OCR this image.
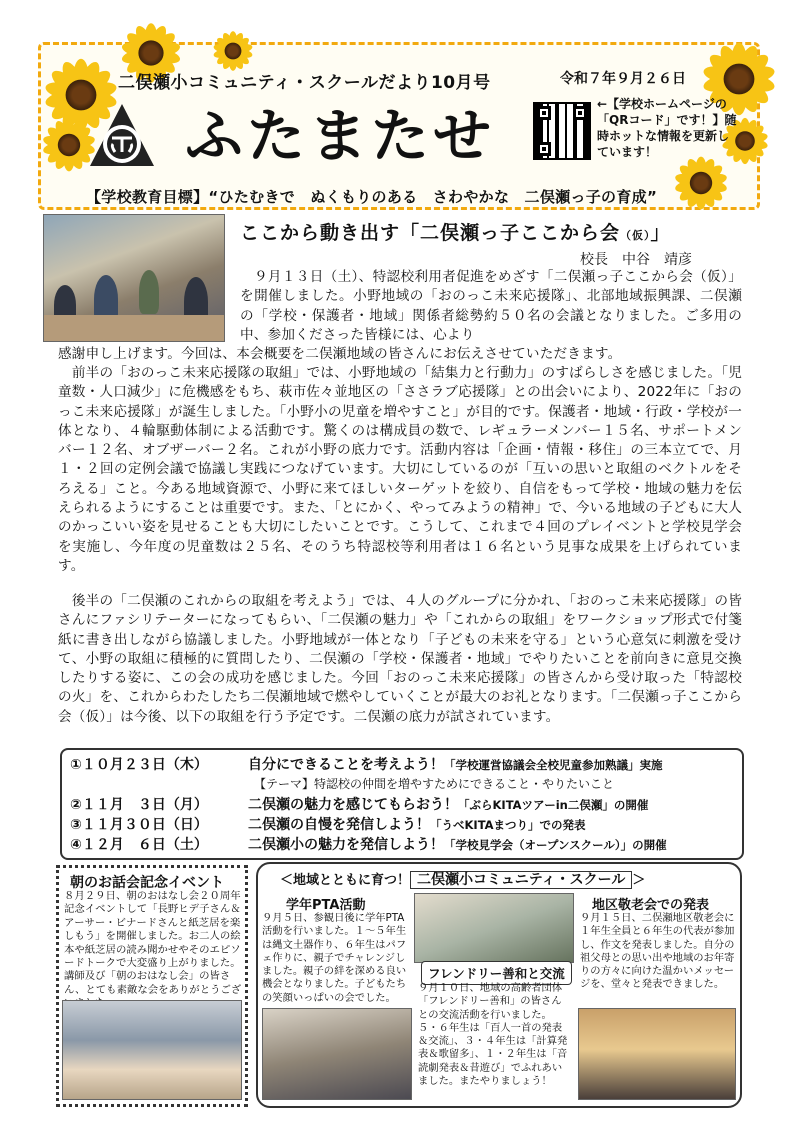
二俣瀬小コミュニティ・スクールだより10月号	令和７年９月２６日
ふたまたせ	←【学校ホームページの「QRコード」です！】随時ホットな情報を更新しています！
【学校教育目標】“ひたむきで　ぬくもりのある　さわやかな　二俣瀬っ子の育成”
ここから動き出す「二俣瀬っ子ここから会（仮）」
校長　中谷　靖彦
　９月１３日（土）、特認校利用者促進をめざす「二俣瀬っ子ここから会（仮）」を開催しました。小野地域の「おのっこ未来応援隊」、北部地域振興課、二俣瀬の「学校・保護者・地域」関係者総勢約５０名の会議となりました。ご多用の中、参加くださった皆様には、心より
感謝申し上げます。今回は、本会概要を二俣瀬地域の皆さんにお伝えさせていただきます。
　前半の「おのっこ未来応援隊の取組」では、小野地域の「結集力と行動力」のすばらしさを感じました。「児童数・人口減少」に危機感をもち、萩市佐々並地区の「ささラブ応援隊」との出会いにより、2022年に「おのっこ未来応援隊」が誕生しました。「小野小の児童を増やすこと」が目的です。保護者・地域・行政・学校が一体となり、４輪駆動体制による活動です。驚くのは構成員の数で、レギュラーメンバー１５名、サポートメンバー１２名、オブザーバー２名。これが小野の底力です。活動内容は「企画・情報・移住」の三本立てで、月１・２回の定例会議で協議し実践につなげています。大切にしているのが「互いの思いと取組のベクトルをそろえる」こと。今ある地域資源で、小野に来てほしいターゲットを絞り、自信をもって学校・地域の魅力を伝えられるようにすることは重要です。また、「とにかく、やってみようの精神」で、今いる地域の子どもに大人のかっこいい姿を見せることも大切にしたいことです。こうして、これまで４回のプレイベントと学校見学会を実施し、今年度の児童数は２５名、そのうち特認校等利用者は１６名という見事な成果を上げられています。
　後半の「二俣瀬のこれからの取組を考えよう」では、４人のグループに分かれ、「おのっこ未来応援隊」の皆さんにファシリテーターになってもらい、「二俣瀬の魅力」や「これからの取組」をワークショップ形式で付箋紙に書き出しながら協議しました。小野地域が一体となり「子どもの未来を守る」という心意気に刺激を受けて、小野の取組に積極的に質問したり、二俣瀬の「学校・保護者・地域」でやりたいことを前向きに意見交換したりする姿に、この会の成功を感じました。今回「おのっこ未来応援隊」の皆さんから受け取った「特認校の火」を、これからわたしたち二俣瀬地域で燃やしていくことが最大のお礼となります。「二俣瀬っ子ここから会（仮）」は今後、以下の取組を行う予定です。二俣瀬の底力が試されています。
①１０月２３日（木）	自分にできることを考えよう！「学校運営協議会全校児童参加熟議」実施
【テーマ】特認校の仲間を増やすためにできること・やりたいこと
②１１月　３日（月）	二俣瀬の魅力を感じてもらおう！「ぶらKITAツアーin二俣瀬」の開催
③１１月３０日（日）	二俣瀬の自慢を発信しよう！「うべKITAまつり」での発表
④１２月　６日（土）	二俣瀬小の魅力を発信しよう！「学校見学会（オープンスクール）」の開催
朝のお話会記念イベント
８月２９日、朝のおはなし会２０周年記念イベントして「長野ヒデ子さん＆アーサー・ビナードさんと紙芝居を楽しもう」を開催しました。お二人の絵本や紙芝居の読み聞かせやそのエピソードトークで大変盛り上がりました。講師及び「朝のおはなし会」の皆さん、とても素敵な会をありがとうござ
＜地域とともに育つ！ 二俣瀬小コミュニティ・スクール ＞
学年PTA活動
９月５日、参観日後に学年PTA活動を行いました。１～５年生は縄文土器作り、６年生はパフェ作りに、親子でチャレンジしました。親子の絆を深める良い機会となりました。子どもたちの笑顔いっぱいの会でした。
フレンドリー善和と交流
９月１０日、地域の高齢者団体「フレンドリー善和」の皆さんとの交流活動を行いました。５・６年生は「百人一首の発表＆交流」、３・４年生は「計算発表＆歌留多」、１・２年生は「音読劇発表＆昔遊び」でふれあいました。またやりましょう！
地区敬老会での発表
９月１５日、二俣瀬地区敬老会に１年生全員と６年生の代表が参加し、作文を発表しました。自分の祖父母との思い出や地域のお年寄りの方々に向けた温かいメッセージを、堂々と発表できました。
